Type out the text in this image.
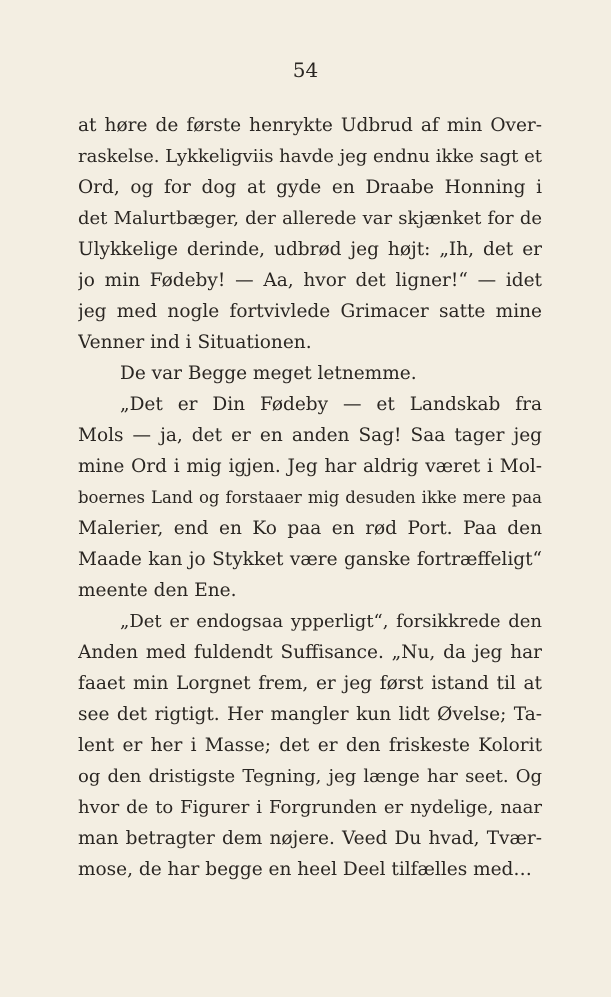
54
at høre de første henrykte Udbrud af min Over-
raskelse. Lykkeligviis havde jeg endnu ikke sagt et
Ord, og for dog at gyde en Draabe Honning i
det Malurtbæger, der allerede var skjænket for de
Ulykkelige derinde, udbrød jeg højt: „Ih, det er
jo min Fødeby! — Aa, hvor det ligner!“ — idet
jeg med nogle fortvivlede Grimacer satte mine
Venner ind i Situationen.
De var Begge meget letnemme.
„Det er Din Fødeby — et Landskab fra
Mols — ja, det er en anden Sag! Saa tager jeg
mine Ord i mig igjen. Jeg har aldrig været i Mol-
boernes Land og forstaaer mig desuden ikke mere paa
Malerier, end en Ko paa en rød Port. Paa den
Maade kan jo Stykket være ganske fortræffeligt“
meente den Ene.
„Det er endogsaa ypperligt“, forsikkrede den
Anden med fuldendt Suffisance. „Nu, da jeg har
faaet min Lorgnet frem, er jeg først istand til at
see det rigtigt. Her mangler kun lidt Øvelse; Ta-
lent er her i Masse; det er den friskeste Kolorit
og den dristigste Tegning, jeg længe har seet. Og
hvor de to Figurer i Forgrunden er nydelige, naar
man betragter dem nøjere. Veed Du hvad, Tvær-
mose, de har begge en heel Deel tilfælles med…
